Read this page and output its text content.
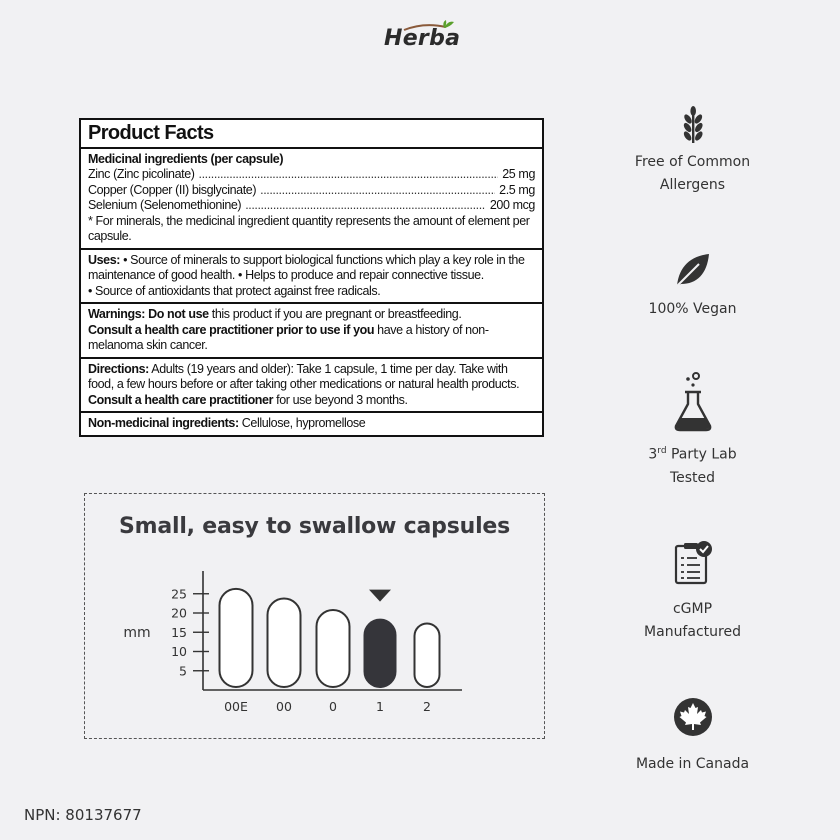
Herba
Product Facts
Medicinal ingredients (per capsule)
Zinc (Zinc picolinate) .....	25 mg
Copper (Copper (II) bisglycinate) .....	2.5 mg
Selenium (Selenomethionine) .....	200 mcg
* For minerals, the medicinal ingredient quantity represents the amount of element per capsule.
Uses: • Source of minerals to support biological functions which play a key role in the maintenance of good health. • Helps to produce and repair connective tissue.
• Source of antioxidants that protect against free radicals.
Warnings: Do not use this product if you are pregnant or breastfeeding.
Consult a health care practitioner prior to use if you have a history of non-melanoma skin cancer.
Directions: Adults (19 years and older): Take 1 capsule, 1 time per day. Take with food, a few hours before or after taking other medications or natural health products. Consult a health care practitioner for use beyond 3 months.
Non-medicinal ingredients: Cellulose, hypromellose
Small, easy to swallow capsules
mm
25
20
15
10
5
00E 00	0	1	2
Free of Common
Allergens
100% Vegan
3rd Party Lab
Tested
cGMP
Manufactured
Made in Canada
NPN: 80137677
